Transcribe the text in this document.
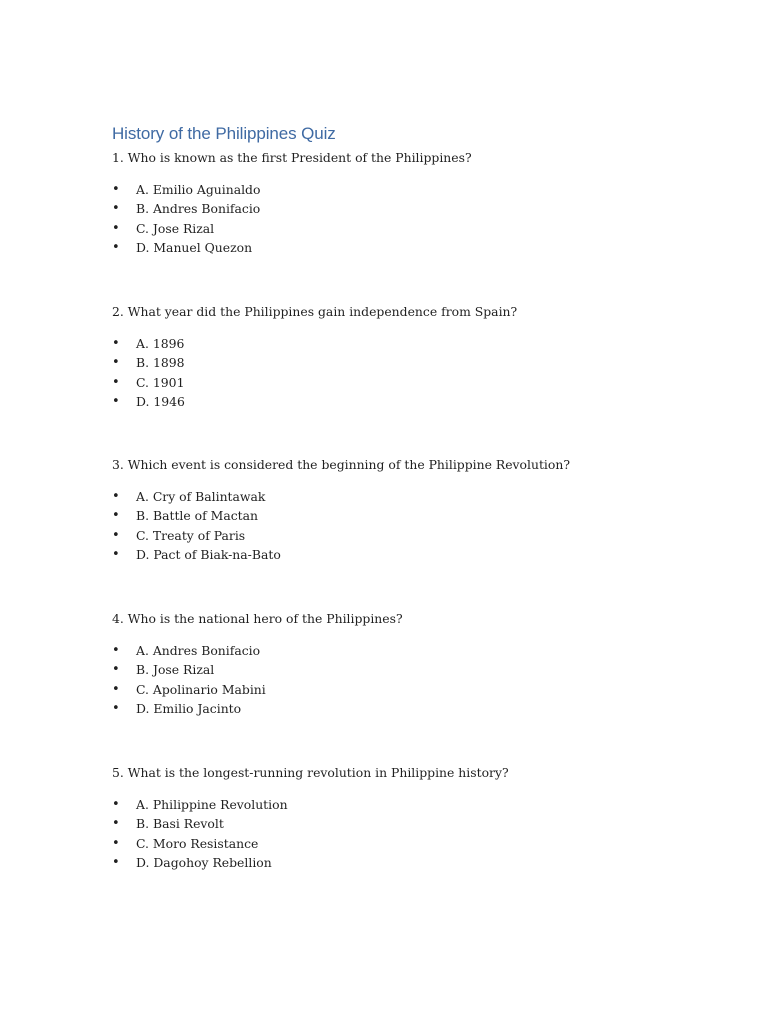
History of the Philippines Quiz

1. Who is known as the first President of the Philippines?

• A. Emilio Aguinaldo
• B. Andres Bonifacio
• C. Jose Rizal
• D. Manuel Quezon

2. What year did the Philippines gain independence from Spain?

• A. 1896
• B. 1898
• C. 1901
• D. 1946

3. Which event is considered the beginning of the Philippine Revolution?

• A. Cry of Balintawak
• B. Battle of Mactan
• C. Treaty of Paris
• D. Pact of Biak-na-Bato

4. Who is the national hero of the Philippines?

• A. Andres Bonifacio
• B. Jose Rizal
• C. Apolinario Mabini
• D. Emilio Jacinto

5. What is the longest-running revolution in Philippine history?

• A. Philippine Revolution
• B. Basi Revolt
• C. Moro Resistance
• D. Dagohoy Rebellion
